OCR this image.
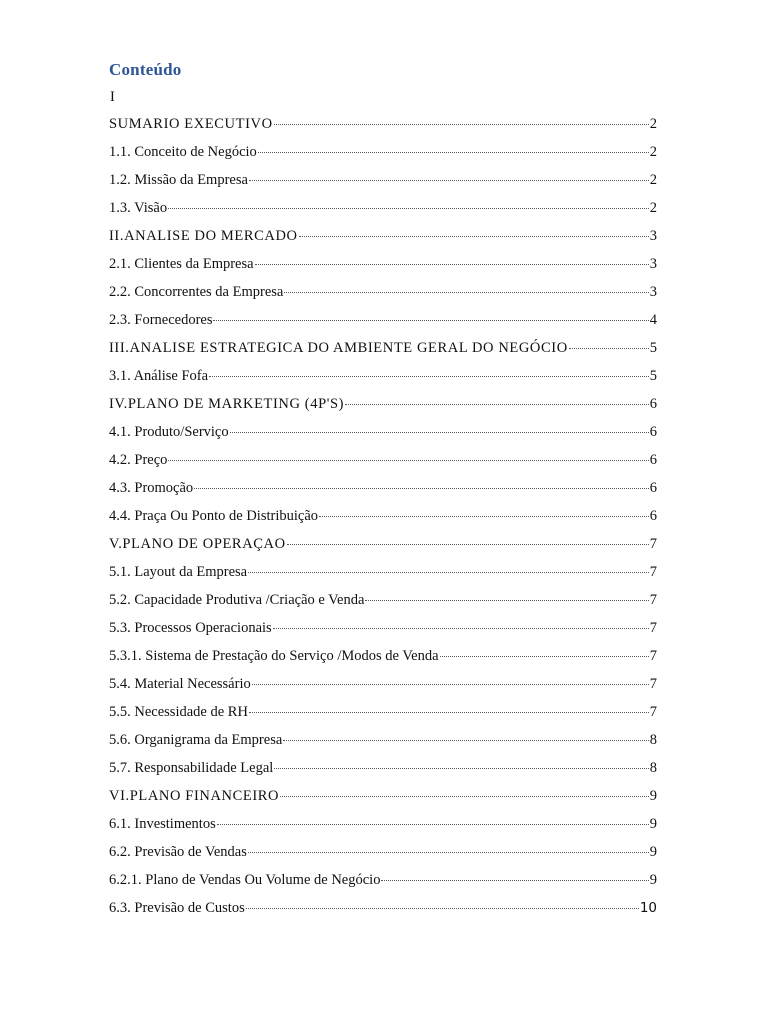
Conteúdo
I
SUMARIO EXECUTIVO	2
1.1. Conceito de Negócio	2
1.2. Missão da Empresa	2
1.3. Visão	2
II.ANALISE DO MERCADO	3
2.1. Clientes da Empresa	3
2.2. Concorrentes da Empresa	3
2.3. Fornecedores	4
III.ANALISE ESTRATEGICA DO AMBIENTE GERAL DO NEGÓCIO	5
3.1. Análise Fofa	5
IV.PLANO DE MARKETING (4P'S)	6
4.1. Produto/Serviço	6
4.2. Preço	6
4.3. Promoção	6
4.4. Praça Ou Ponto de Distribuição	6
V.PLANO DE OPERAÇAO	7
5.1. Layout da Empresa	7
5.2. Capacidade Produtiva /Criação e Venda	7
5.3. Processos Operacionais	7
5.3.1. Sistema de Prestação do Serviço /Modos de Venda	7
5.4. Material Necessário	7
5.5. Necessidade de RH	7
5.6. Organigrama da Empresa	8
5.7. Responsabilidade Legal	8
VI.PLANO FINANCEIRO	9
6.1. Investimentos	9
6.2. Previsão de Vendas	9
6.2.1. Plano de Vendas Ou Volume de Negócio	9
6.3. Previsão de Custos	10
